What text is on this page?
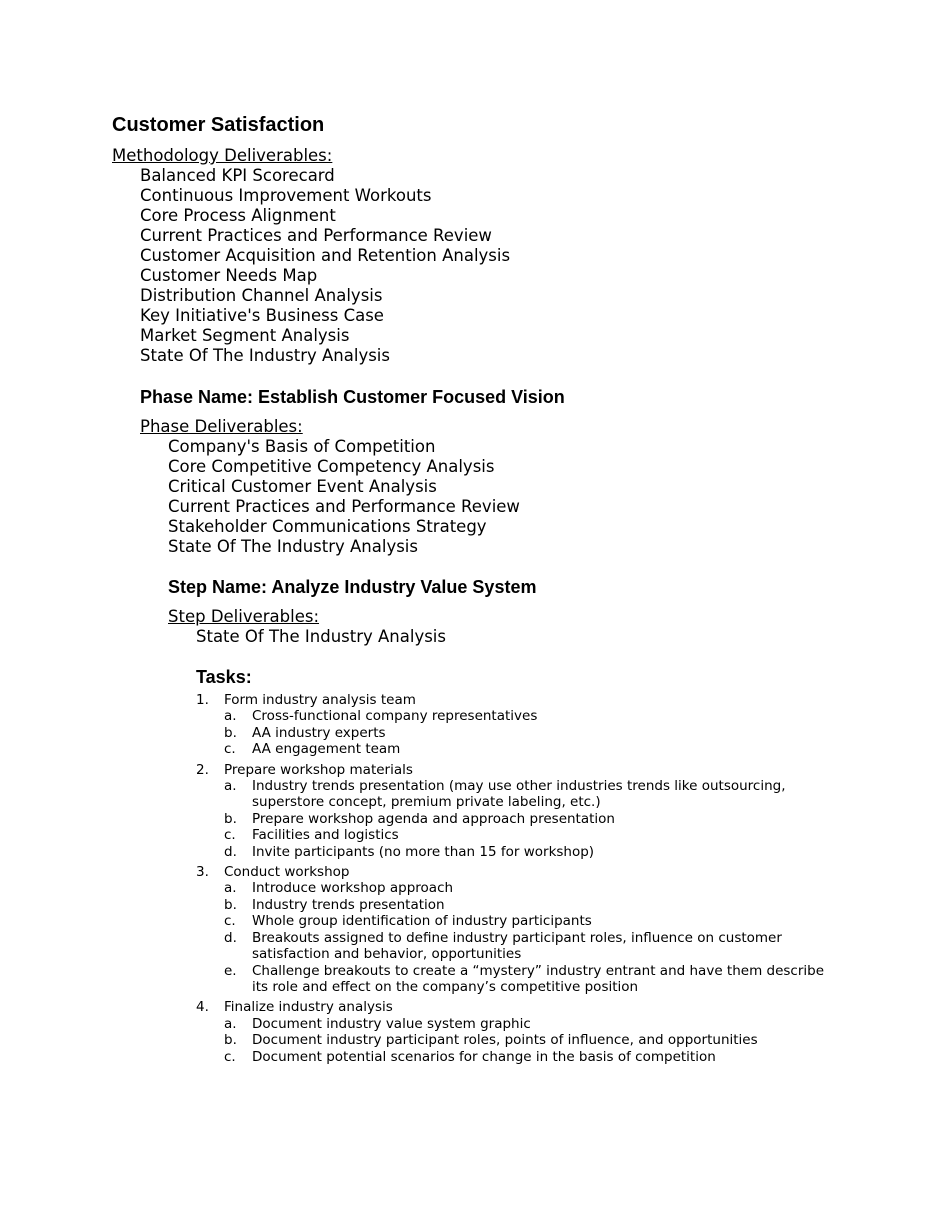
Customer Satisfaction
Methodology Deliverables:
Balanced KPI Scorecard
Continuous Improvement Workouts
Core Process Alignment
Current Practices and Performance Review
Customer Acquisition and Retention Analysis
Customer Needs Map
Distribution Channel Analysis
Key Initiative's Business Case
Market Segment Analysis
State Of The Industry Analysis
Phase Name: Establish Customer Focused Vision
Phase Deliverables:
Company's Basis of Competition
Core Competitive Competency Analysis
Critical Customer Event Analysis
Current Practices and Performance Review
Stakeholder Communications Strategy
State Of The Industry Analysis
Step Name: Analyze Industry Value System
Step Deliverables:
State Of The Industry Analysis
Tasks:
1.	Form industry analysis team
a. Cross-functional company representatives
b. AA industry experts
c. AA engagement team
2.	Prepare workshop materials
a. Industry trends presentation (may use other industries trends like outsourcing, superstore concept, premium private labeling, etc.)
b. Prepare workshop agenda and approach presentation
c. Facilities and logistics
d. Invite participants (no more than 15 for workshop)
3.	Conduct workshop
a. Introduce workshop approach
b. Industry trends presentation
c. Whole group identification of industry participants
d. Breakouts assigned to define industry participant roles, influence on customer satisfaction and behavior, opportunities
e. Challenge breakouts to create a “mystery” industry entrant and have them describe its role and effect on the company’s competitive position
4.	Finalize industry analysis
a. Document industry value system graphic
b. Document industry participant roles, points of influence, and opportunities
c. Document potential scenarios for change in the basis of competition
